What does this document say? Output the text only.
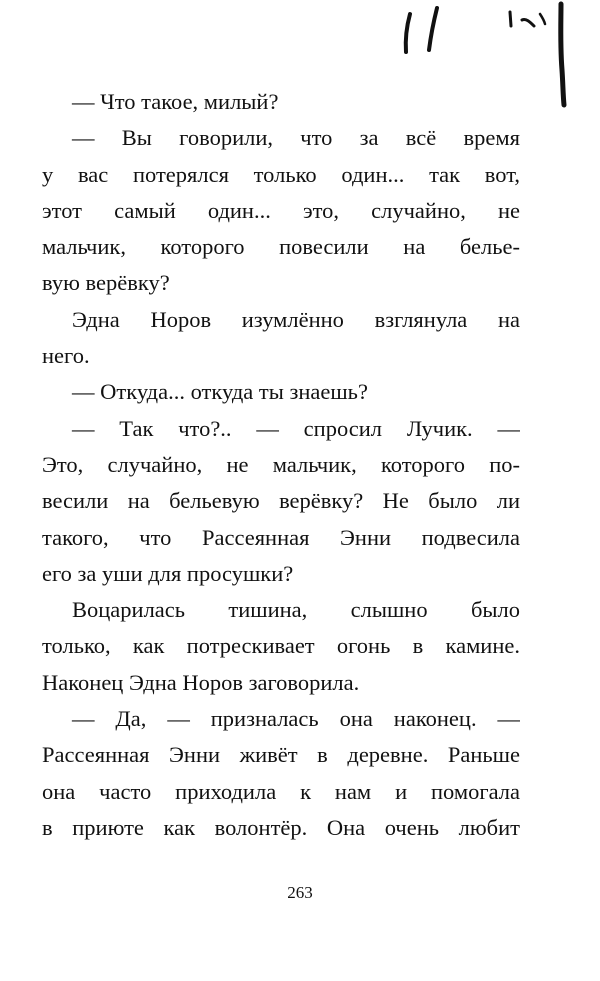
— Что такое, милый?
— Вы говорили, что за всё время
у вас потерялся только один... так вот,
этот самый один... это, случайно, не
мальчик, которого повесили на белье-
вую верёвку?
Эдна Норов изумлённо взглянула на
него.
— Откуда... откуда ты знаешь?
— Так что?.. — спросил Лучик. —
Это, случайно, не мальчик, которого по-
весили на бельевую верёвку? Не было ли
такого, что Рассеянная Энни подвесила
его за уши для просушки?
Воцарилась тишина, слышно было
только, как потрескивает огонь в камине.
Наконец Эдна Норов заговорила.
— Да, — призналась она наконец. —
Рассеянная Энни живёт в деревне. Раньше
она часто приходила к нам и помогала
в приюте как волонтёр. Она очень любит
263
